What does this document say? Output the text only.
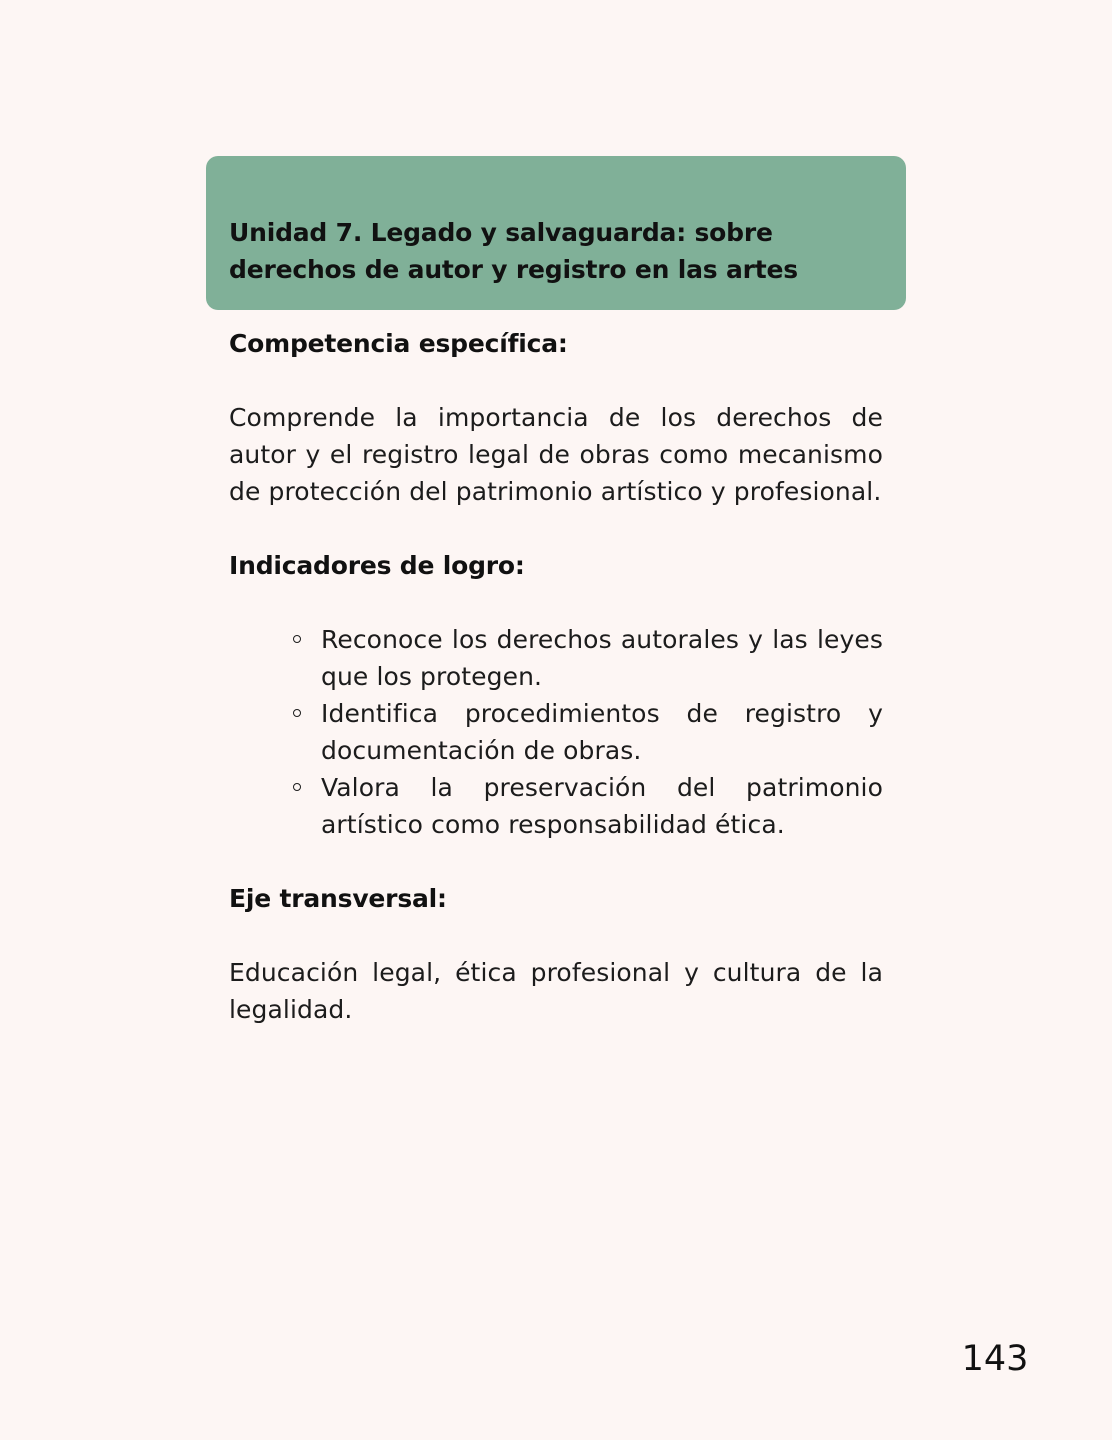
Unidad 7. Legado y salvaguarda: sobre derechos de autor y registro en las artes
Competencia específica:

Comprende la importancia de los derechos de autor y el registro legal de obras como mecanismo de protección del patrimonio artístico y profesional.

Indicadores de logro:
Reconoce los derechos autorales y las leyes que los protegen.
Identifica procedimientos de registro y documentación de obras.
Valora la preservación del patrimonio artístico como responsabilidad ética.
Eje transversal:

Educación legal, ética profesional y cultura de la legalidad.

143
